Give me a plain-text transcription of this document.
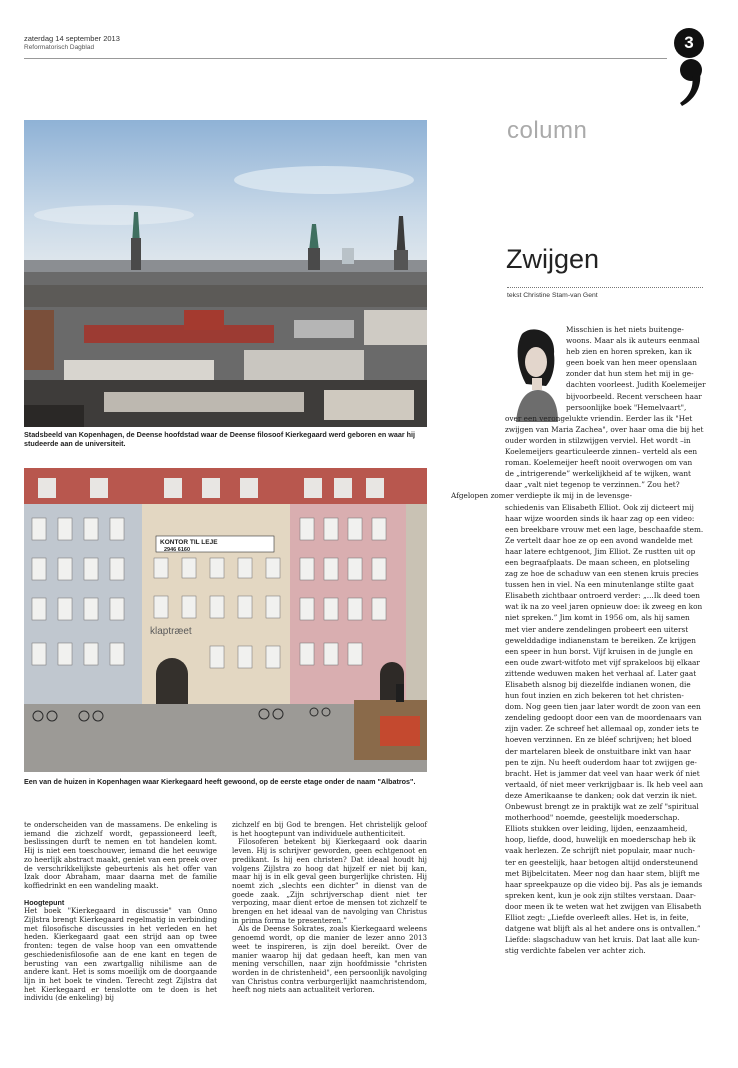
zaterdag 14 september 2013
Reformatorisch Dagblad	3
Stadsbeeld van Kopenhagen, de Deense hoofdstad waar de Deense filosoof Kierkegaard werd geboren en waar hij studeerde aan de universiteit.
KONTOR TIL LEJE
2946 6160
klaptræet
Een van de huizen in Kopenhagen waar Kierkegaard heeft gewoond, op de eerste etage onder de naam "Albatros".

te onderscheiden van de massamens. De enkeling is iemand die zichzelf wordt, gepassioneerd leeft, beslissingen durft te nemen en tot handelen komt. Hij is niet een toeschouwer, iemand die het eeuwige zo heerlijk abstract maakt, geniet van een preek over de verschrikkelijkste gebeurtenis als het offer van Izak door Abraham, maar daarna met de familie koffiedrinkt en een wandeling maakt.

Hoogtepunt

Het boek "Kierkegaard in discussie" van Onno Zijlstra brengt Kierkegaard regelmatig in verbinding met filosofische discussies in het verleden en het heden. Kierkegaard gaat een strijd aan op twee fronten: tegen de valse hoop van een omvattende geschiedenisfilosofie aan de ene kant en tegen de berusting van een zwartgallig nihilisme aan de andere kant. Het is soms moeilijk om de doorgaande lijn in het boek te vinden. Terecht zegt Zijlstra dat het Kierkegaard er tenslotte om te doen is het individu (de enkeling) bij

zichzelf en bij God te brengen. Het christelijk geloof is het hoogtepunt van individuele authenticiteit.

Filosoferen betekent bij Kierkegaard ook daarin leven. Hij is schrijver geworden, geen echtgenoot en predikant. Is hij een christen? Dat ideaal houdt hij volgens Zijlstra zo hoog dat hijzelf er niet bij kan, maar hij is in elk geval geen burgerlijke christen. Hij noemt zich „slechts een dichter” in dienst van de goede zaak. „Zijn schrijverschap dient niet ter verpozing, maar dient ertoe de mensen tot zichzelf te brengen en het ideaal van de navolging van Christus in prima forma te presenteren.”

Als de Deense Sokrates, zoals Kierkegaard weleens genoemd wordt, op die manier de lezer anno 2013 weet te inspireren, is zijn doel bereikt. Over de manier waarop hij dat gedaan heeft, kan men van mening verschillen, naar zijn hoofdmissie "christen worden in de christenheid", een persoonlijk navolging van Christus contra verburgerlijkt naamchristendom, heeft nog niets aan actualiteit verloren.

column
Zwijgen
tekst Christine Stam-van Gent
Misschien is het niets buitenge-
woons. Maar als ik auteurs eenmaal
heb zien en horen spreken, kan ik
geen boek van hen meer openslaan
zonder dat hun stem het mij in ge-
dachten voorleest. Judith Koelemeijer
bijvoorbeeld. Recent verscheen haar
persoonlijke boek "Hemelvaart",
over een verongelukte vriendin. Eerder las ik "Het
zwijgen van Maria Zachea", over haar oma die bij het
ouder worden in stilzwijgen verviel. Het wordt –in
Koelemeijers gearticuleerde zinnen– verteld als een
roman. Koelemeijer heeft nooit overwogen om van
de „intrigerende” werkelijkheid af te wijken, want
daar „valt niet tegenop te verzinnen.” Zou het?
Afgelopen zomer verdiepte ik mij in de levensge-
schiedenis van Elisabeth Elliot. Ook zij dicteert mij
haar wijze woorden sinds ik haar zag op een video:
een breekbare vrouw met een lage, beschaafde stem.
Ze vertelt daar hoe ze op een avond wandelde met
haar latere echtgenoot, Jim Elliot. Ze rustten uit op
een begraafplaats. De maan scheen, en plotseling
zag ze hoe de schaduw van een stenen kruis precies
tussen hen in viel. Na een minutenlange stilte gaat
Elisabeth zichtbaar ontroerd verder: „...Ik deed toen
wat ik na zo veel jaren opnieuw doe: ik zweeg en kon
niet spreken.” Jim komt in 1956 om, als hij samen
met vier andere zendelingen probeert een uiterst
gewelddadige indianenstam te bereiken. Ze krijgen
een speer in hun borst. Vijf kruisen in de jungle en
een oude zwart-witfoto met vijf sprakeloos bij elkaar
zittende weduwen maken het verhaal af. Later gaat
Elisabeth alsnog bij diezelfde indianen wonen, die
hun fout inzien en zich bekeren tot het christen-
dom. Nog geen tien jaar later wordt de zoon van een
zendeling gedoopt door een van de moordenaars van
zijn vader. Ze schreef het allemaal op, zonder iets te
hoeven verzinnen. En ze bléef schrijven; het bloed
der martelaren bleek de onstuitbare inkt van haar
pen te zijn. Nu heeft ouderdom haar tot zwijgen ge-
bracht. Het is jammer dat veel van haar werk óf niet
vertaald, óf niet meer verkrijgbaar is. Ik heb veel aan
deze Amerikaanse te danken; ook dat verzin ik niet.
Onbewust brengt ze in praktijk wat ze zelf "spiritual
motherhood" noemde, geestelijk moederschap.
Elliots stukken over leiding, lijden, eenzaamheid,
hoop, liefde, dood, huwelijk en moederschap heb ik
vaak herlezen. Ze schrijft niet populair, maar nuch-
ter en geestelijk, haar betogen altijd ondersteunend
met Bijbelcitaten. Meer nog dan haar stem, blijft me
haar spreekpauze op die video bij. Pas als je iemands
spreken kent, kun je ook zijn stiltes verstaan. Daar-
door meen ik te weten wat het zwijgen van Elisabeth
Elliot zegt: „Liefde overleeft alles. Het is, in feite,
datgene wat blijft als al het andere ons is ontvallen.”
Liefde: slagschaduw van het kruis. Dat laat alle kun-
stig verdichte fabelen ver achter zich.
